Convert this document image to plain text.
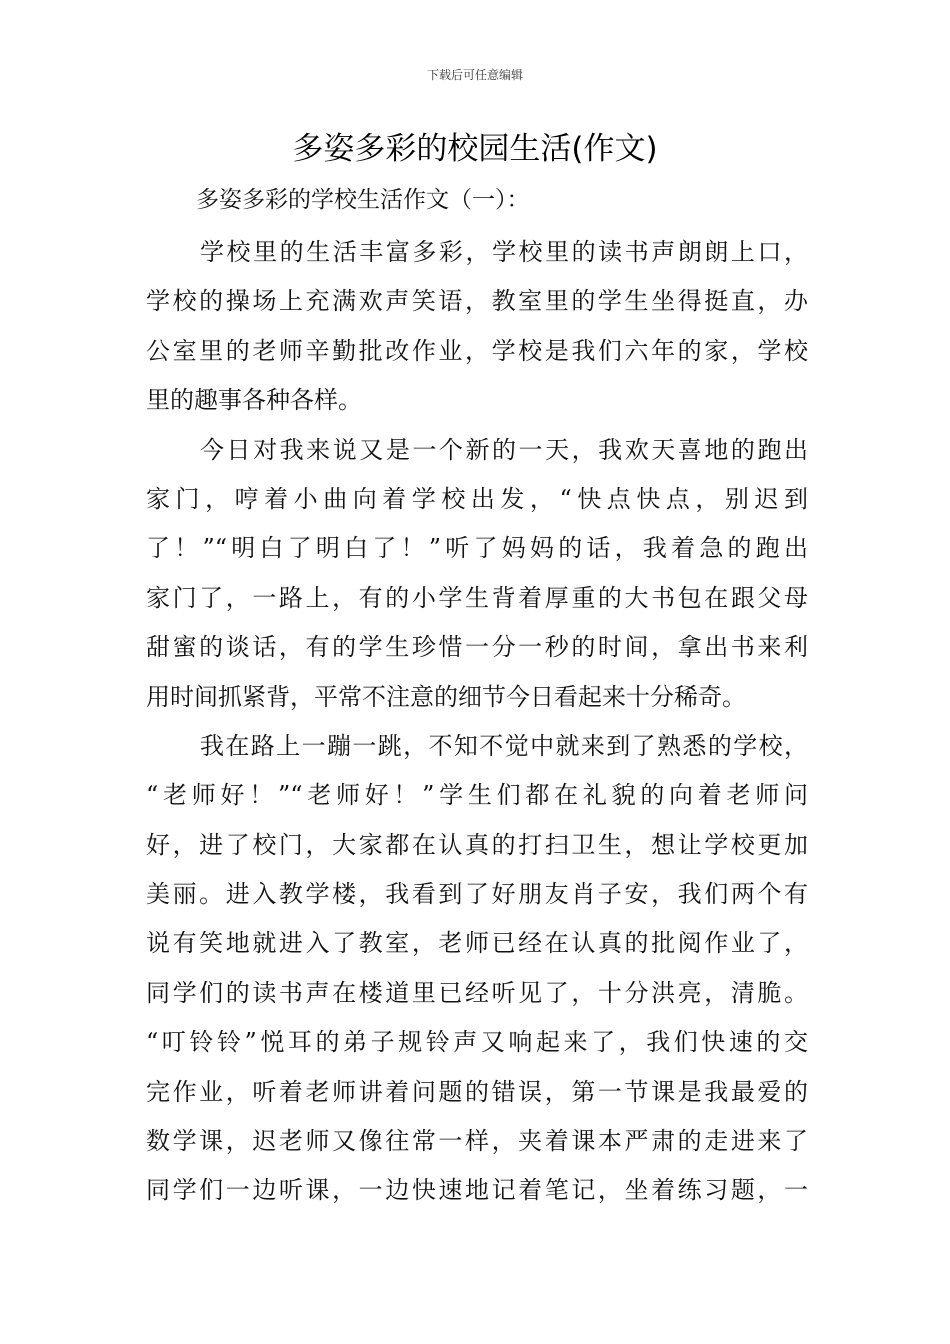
下载后可任意编辑
多姿多彩的校园生活(作文)
多姿多彩的学校生活作文（一）：
学校里的生活丰富多彩，学校里的读书声朗朗上口，
学校的操场上充满欢声笑语，教室里的学生坐得挺直，办
公室里的老师辛勤批改作业，学校是我们六年的家，学校
里的趣事各种各样。
今日对我来说又是一个新的一天，我欢天喜地的跑出
家门，哼着小曲向着学校出发，“快点快点，别迟到
了！”“明白了明白了！”听了妈妈的话，我着急的跑出
家门了，一路上，有的小学生背着厚重的大书包在跟父母
甜蜜的谈话，有的学生珍惜一分一秒的时间，拿出书来利
用时间抓紧背，平常不注意的细节今日看起来十分稀奇。
我在路上一蹦一跳，不知不觉中就来到了熟悉的学校，
“老师好！”“老师好！”学生们都在礼貌的向着老师问
好，进了校门，大家都在认真的打扫卫生，想让学校更加
美丽。进入教学楼，我看到了好朋友肖子安，我们两个有
说有笑地就进入了教室，老师已经在认真的批阅作业了，
同学们的读书声在楼道里已经听见了，十分洪亮，清脆。
“叮铃铃”悦耳的弟子规铃声又响起来了，我们快速的交
完作业，听着老师讲着问题的错误，第一节课是我最爱的
数学课，迟老师又像往常一样，夹着课本严肃的走进来了
同学们一边听课，一边快速地记着笔记，坐着练习题，一
